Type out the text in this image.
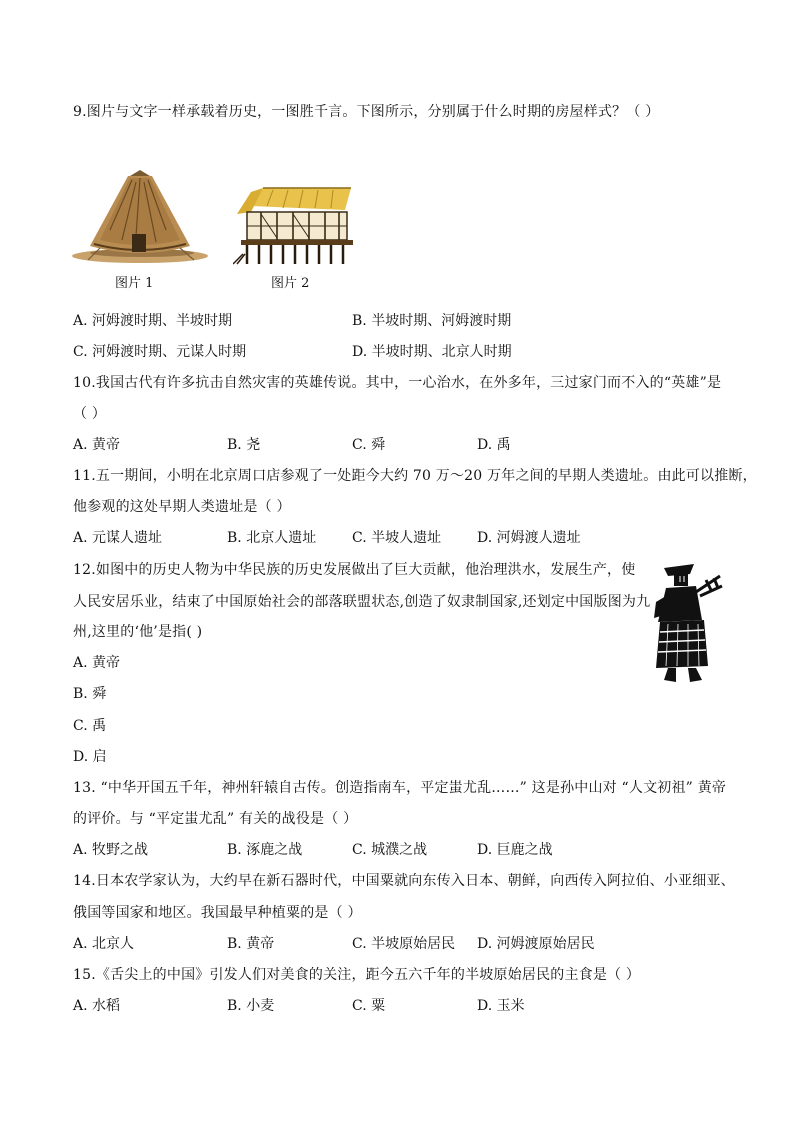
9.图片与文字一样承载着历史，一图胜千言。下图所示，分别属于什么时期的房屋样式？（ ）
图片 1	图片 2
A. 河姆渡时期、半坡时期	B. 半坡时期、河姆渡时期
C. 河姆渡时期、元谋人时期	D. 半坡时期、北京人时期
10.我国古代有许多抗击自然灾害的英雄传说。其中，一心治水，在外多年，三过家门而不入的“英雄”是
（ ）
A. 黄帝	B. 尧	C. 舜	D. 禹
11.五一期间，小明在北京周口店参观了一处距今大约 70 万～20 万年之间的早期人类遗址。由此可以推断，
他参观的这处早期人类遗址是（ ）
A. 元谋人遗址	B. 北京人遗址	C. 半坡人遗址	D. 河姆渡人遗址
12.如图中的历史人物为中华民族的历史发展做出了巨大贡献，他治理洪水，发展生产，使
人民安居乐业，结束了中国原始社会的部落联盟状态,创造了奴隶制国家,还划定中国版图为九
州,这里的‘他’是指( )
A. 黄帝
B. 舜
C. 禹
D. 启
13. “中华开国五千年，神州轩辕自古传。创造指南车，平定蚩尤乱……” 这是孙中山对 “人文初祖” 黄帝
的评价。与 “平定蚩尤乱” 有关的战役是（ ）
A. 牧野之战	B. 涿鹿之战	C. 城濮之战	D. 巨鹿之战
14.日本农学家认为，大约早在新石器时代，中国粟就向东传入日本、朝鲜，向西传入阿拉伯、小亚细亚、
俄国等国家和地区。我国最早种植粟的是（ ）
A. 北京人	B. 黄帝	C. 半坡原始居民 D. 河姆渡原始居民
15.《舌尖上的中国》引发人们对美食的关注，距今五六千年的半坡原始居民的主食是（ ）
A. 水稻	B. 小麦	C. 粟	D. 玉米
